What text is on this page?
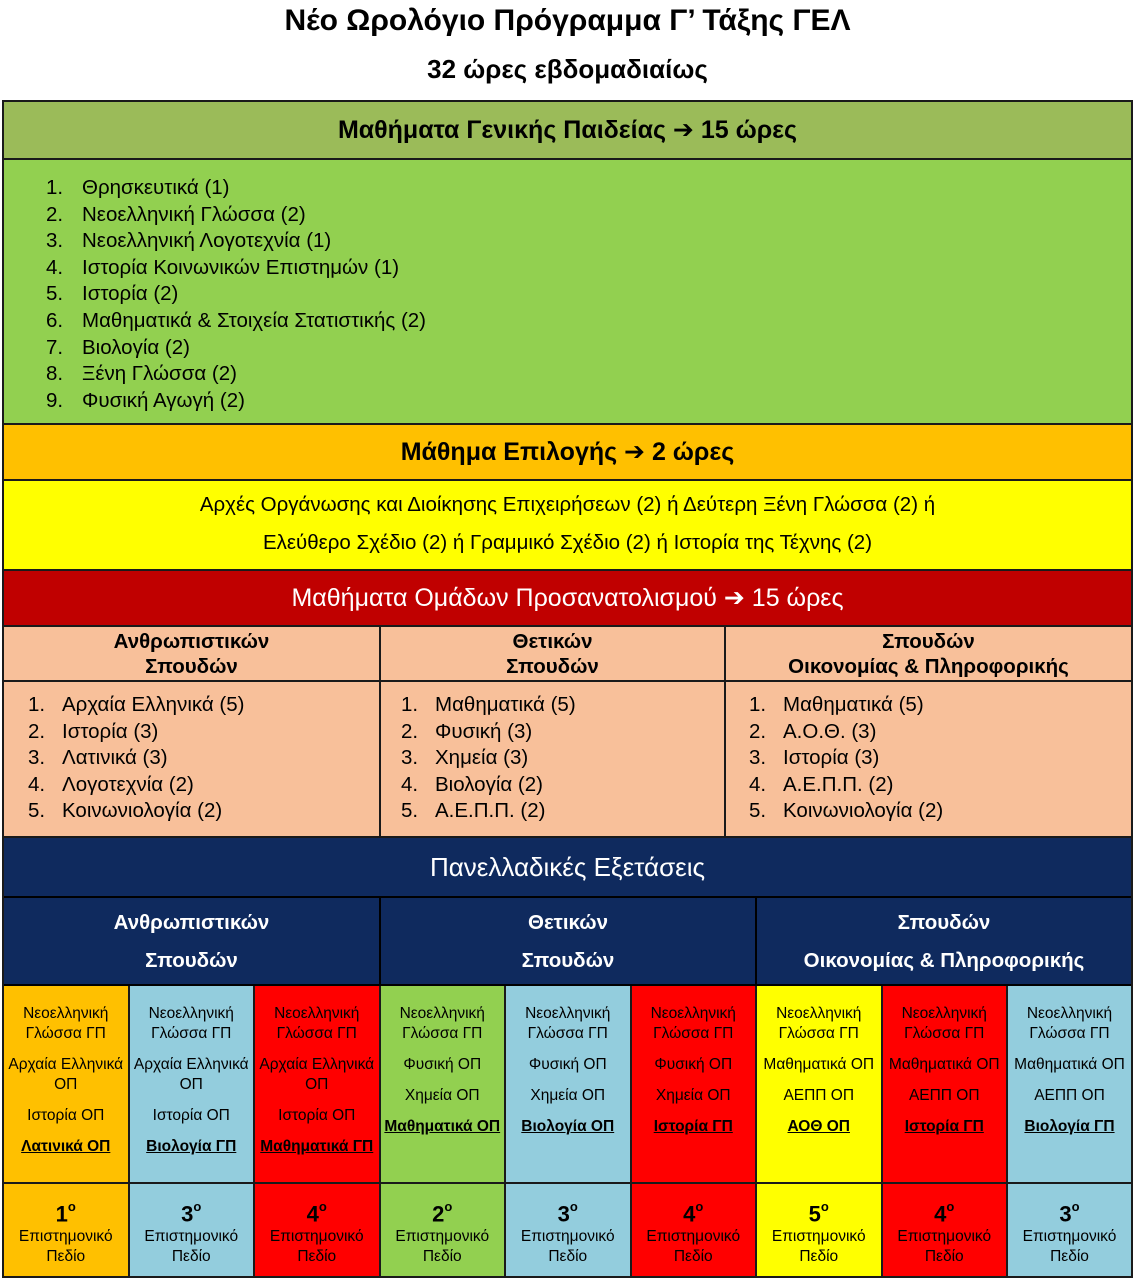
Νέο Ωρολόγιο Πρόγραμμα Γ’ Τάξης ΓΕΛ
32 ώρες εβδομαδιαίως
Μαθήματα Γενικής Παιδείας ➔ 15 ώρες
1. Θρησκευτικά (1)
2. Νεοελληνική Γλώσσα (2)
3. Νεοελληνική Λογοτεχνία (1)
4. Ιστορία Κοινωνικών Επιστημών (1)
5. Ιστορία (2)
6. Μαθηματικά & Στοιχεία Στατιστικής (2)
7. Βιολογία (2)
8. Ξένη Γλώσσα (2)
9. Φυσική Αγωγή (2)
Μάθημα Επιλογής ➔ 2 ώρες
Αρχές Οργάνωσης και Διοίκησης Επιχειρήσεων (2) ή Δεύτερη Ξένη Γλώσσα (2) ή
Ελεύθερο Σχέδιο (2) ή Γραμμικό Σχέδιο (2) ή Ιστορία της Τέχνης (2)
Μαθήματα Ομάδων Προσανατολισμού ➔ 15 ώρες
Ανθρωπιστικών
Σπουδών
1. Αρχαία Ελληνικά (5)
2. Ιστορία (3)
3. Λατινικά (3)
4. Λογοτεχνία (2)
5. Κοινωνιολογία (2)
Θετικών
Σπουδών
1. Μαθηματικά (5)
2. Φυσική (3)
3. Χημεία (3)
4. Βιολογία (2)
5. Α.Ε.Π.Π. (2)
Σπουδών
Οικονομίας & Πληροφορικής
1. Μαθηματικά (5)
2. Α.Ο.Θ. (3)
3. Ιστορία (3)
4. Α.Ε.Π.Π. (2)
5. Κοινωνιολογία (2)
Πανελλαδικές Εξετάσεις
Ανθρωπιστικών
Σπουδών
Θετικών
Σπουδών
Σπουδών
Οικονομίας & Πληροφορικής
Νεοελληνική Γλώσσα ΓΠ
Αρχαία Ελληνικά ΟΠ
Ιστορία ΟΠ
Λατινικά ΟΠ
$1^o$
Επιστημονικό
Πεδίο
Νεοελληνική Γλώσσα ΓΠ
Αρχαία Ελληνικά ΟΠ
Ιστορία ΟΠ
Βιολογία ΓΠ
$3^o$
Επιστημονικό
Πεδίο
Νεοελληνική Γλώσσα ΓΠ
Αρχαία Ελληνικά ΟΠ
Ιστορία ΟΠ
Μαθηματικά ΓΠ
$4^o$
Επιστημονικό
Πεδίο
Νεοελληνική Γλώσσα ΓΠ
Φυσική ΟΠ
Χημεία ΟΠ
Μαθηματικά ΟΠ
$2^o$
Επιστημονικό
Πεδίο
Νεοελληνική Γλώσσα ΓΠ
Φυσική ΟΠ
Χημεία ΟΠ
Βιολογία ΟΠ
$3^o$
Επιστημονικό
Πεδίο
Νεοελληνική Γλώσσα ΓΠ
Φυσική ΟΠ
Χημεία ΟΠ
Ιστορία ΓΠ
$4^o$
Επιστημονικό
Πεδίο
Νεοελληνική Γλώσσα ΓΠ
Μαθηματικά ΟΠ
ΑΕΠΠ ΟΠ
ΑΟΘ ΟΠ
$5^o$
Επιστημονικό
Πεδίο
Νεοελληνική Γλώσσα ΓΠ
Μαθηματικά ΟΠ
ΑΕΠΠ ΟΠ
Ιστορία ΓΠ
$4^o$
Επιστημονικό
Πεδίο
Νεοελληνική Γλώσσα ΓΠ
Μαθηματικά ΟΠ
ΑΕΠΠ ΟΠ
Βιολογία ΓΠ
$3^o$
Επιστημονικό
Πεδίο
